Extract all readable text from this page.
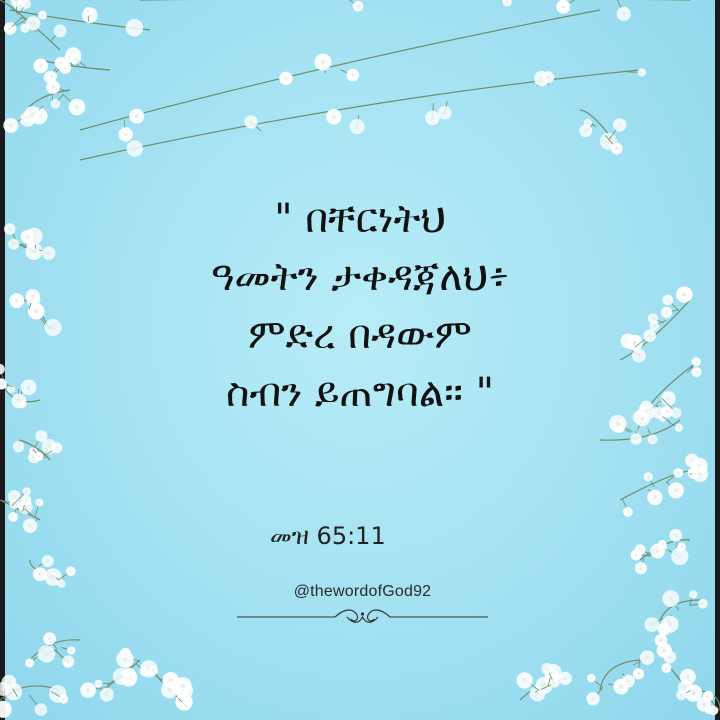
" በቸርነትህ

ዓመትን ታቀዳጃለህ፥

ምድረ በዳውም

ስብን ይጠግባል። "

መዝ 65:11
@thewordofGod92
